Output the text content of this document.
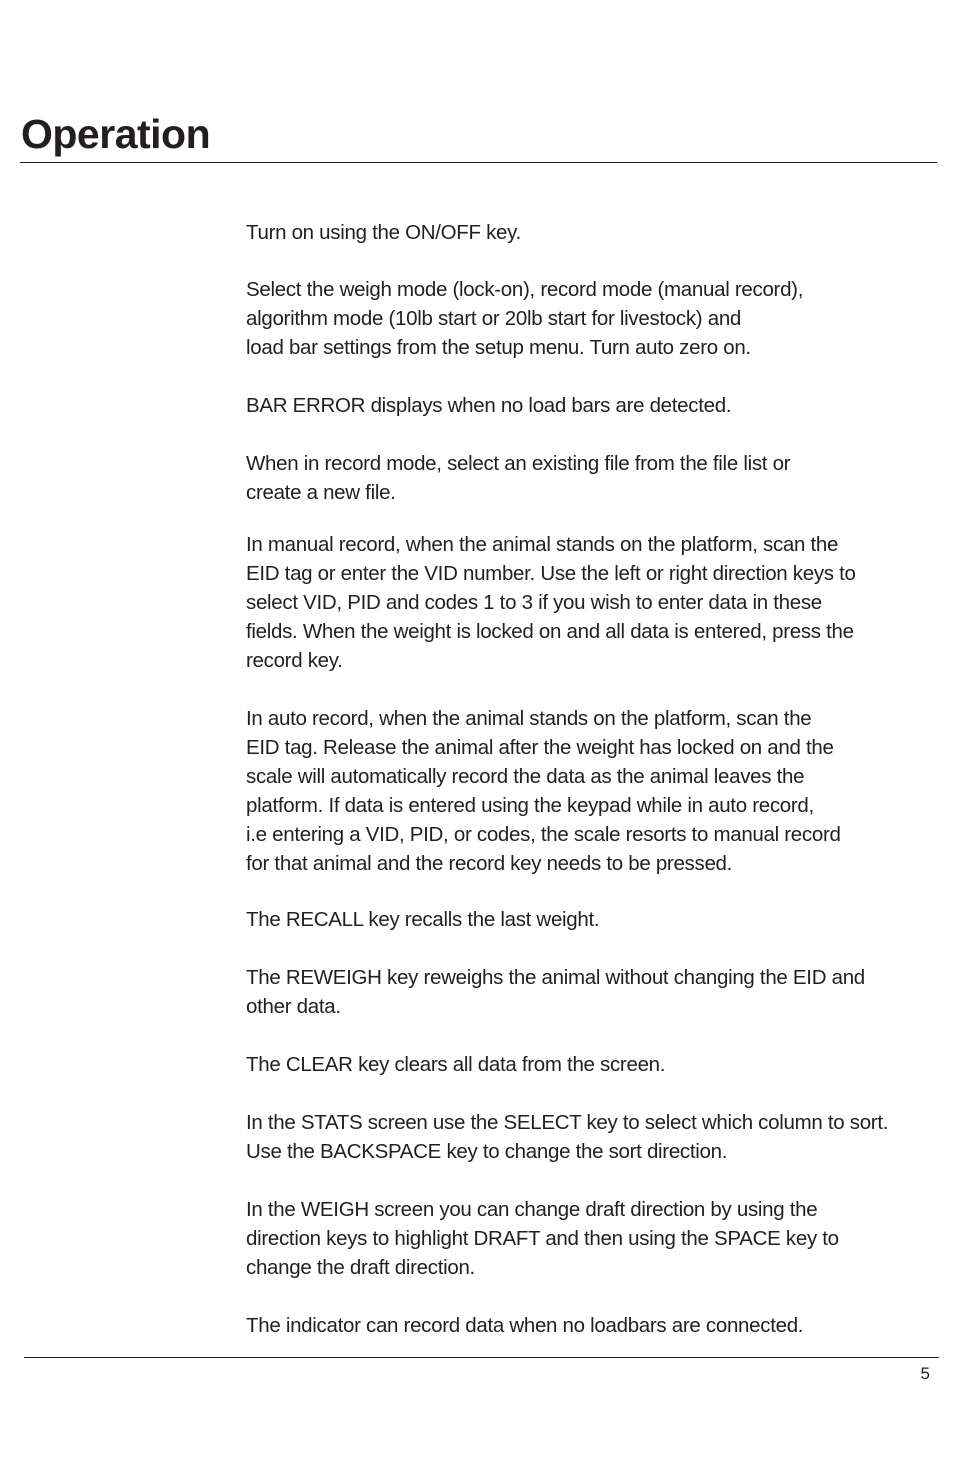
Operation

Turn on using the ON/OFF key.

Select the weigh mode (lock-on), record mode (manual record),
algorithm mode (10lb start or 20lb start for livestock) and
load bar settings from the setup menu. Turn auto zero on.

BAR ERROR displays when no load bars are detected.

When in record mode, select an existing file from the file list or
create a new file.

In manual record, when the animal stands on the platform, scan the
EID tag or enter the VID number. Use the left or right direction keys to
select VID, PID and codes 1 to 3 if you wish to enter data in these
fields. When the weight is locked on and all data is entered, press the
record key.

In auto record, when the animal stands on the platform, scan the
EID tag. Release the animal after the weight has locked on and the
scale will automatically record the data as the animal leaves the
platform. If data is entered using the keypad while in auto record,
i.e entering a VID, PID, or codes, the scale resorts to manual record
for that animal and the record key needs to be pressed.

The RECALL key recalls the last weight.

The REWEIGH key reweighs the animal without changing the EID and
other data.

The CLEAR key clears all data from the screen.

In the STATS screen use the SELECT key to select which column to sort.
Use the BACKSPACE key to change the sort direction.

In the WEIGH screen you can change draft direction by using the
direction keys to highlight DRAFT and then using the SPACE key to
change the draft direction.

The indicator can record data when no loadbars are connected.

5
